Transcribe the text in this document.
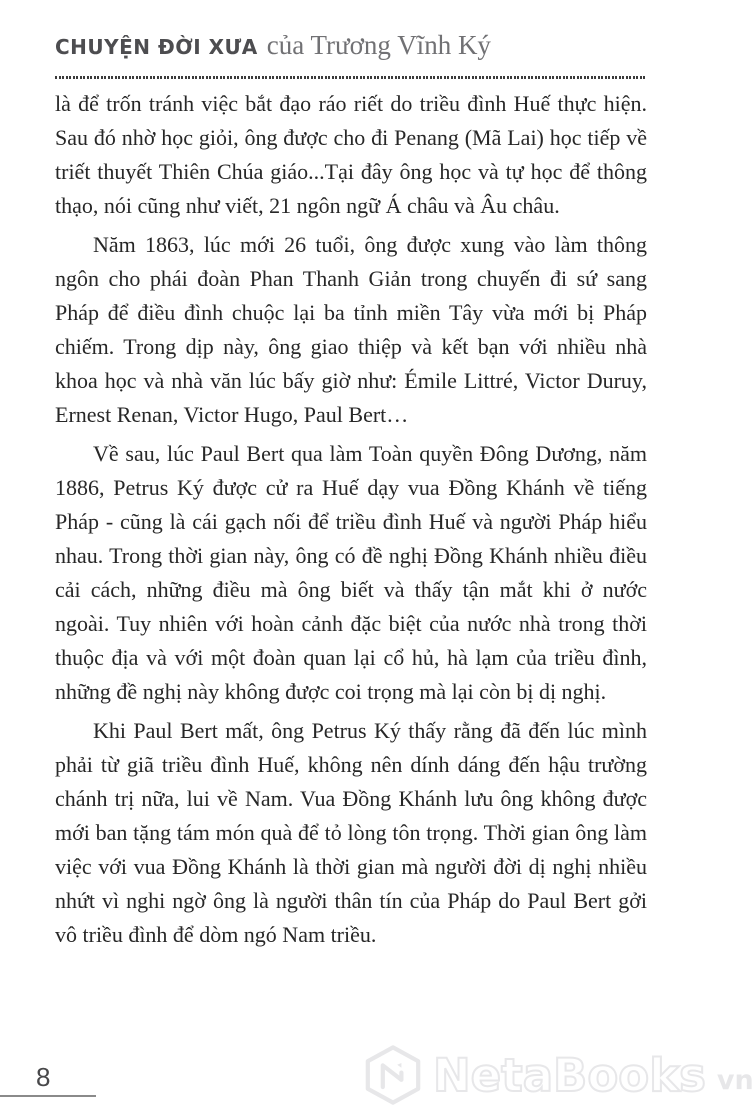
CHUYỆN ĐỜI XƯA của Trương Vĩnh Ký

là để trốn tránh việc bắt đạo ráo riết do triều đình Huế thực hiện. Sau đó nhờ học giỏi, ông được cho đi Penang (Mã Lai) học tiếp về triết thuyết Thiên Chúa giáo...Tại đây ông học và tự học để thông thạo, nói cũng như viết, 21 ngôn ngữ Á châu và Âu châu.

Năm 1863, lúc mới 26 tuổi, ông được xung vào làm thông ngôn cho phái đoàn Phan Thanh Giản trong chuyến đi sứ sang Pháp để điều đình chuộc lại ba tỉnh miền Tây vừa mới bị Pháp chiếm. Trong dịp này, ông giao thiệp và kết bạn với nhiều nhà khoa học và nhà văn lúc bấy giờ như: Émile Littré, Victor Duruy, Ernest Renan, Victor Hugo, Paul Bert…

Về sau, lúc Paul Bert qua làm Toàn quyền Đông Dương, năm 1886, Petrus Ký được cử ra Huế dạy vua Đồng Khánh về tiếng Pháp - cũng là cái gạch nối để triều đình Huế và người Pháp hiểu nhau. Trong thời gian này, ông có đề nghị Đồng Khánh nhiều điều cải cách, những điều mà ông biết và thấy tận mắt khi ở nước ngoài. Tuy nhiên với hoàn cảnh đặc biệt của nước nhà trong thời thuộc địa và với một đoàn quan lại cổ hủ, hà lạm của triều đình, những đề nghị này không được coi trọng mà lại còn bị dị nghị.

Khi Paul Bert mất, ông Petrus Ký thấy rằng đã đến lúc mình phải từ giã triều đình Huế, không nên dính dáng đến hậu trường chánh trị nữa, lui về Nam. Vua Đồng Khánh lưu ông không được mới ban tặng tám món quà để tỏ lòng tôn trọng. Thời gian ông làm việc với vua Đồng Khánh là thời gian mà người đời dị nghị nhiều nhứt vì nghi ngờ ông là người thân tín của Pháp do Paul Bert gởi vô triều đình để dòm ngó Nam triều.

8	NetaBooks vn
